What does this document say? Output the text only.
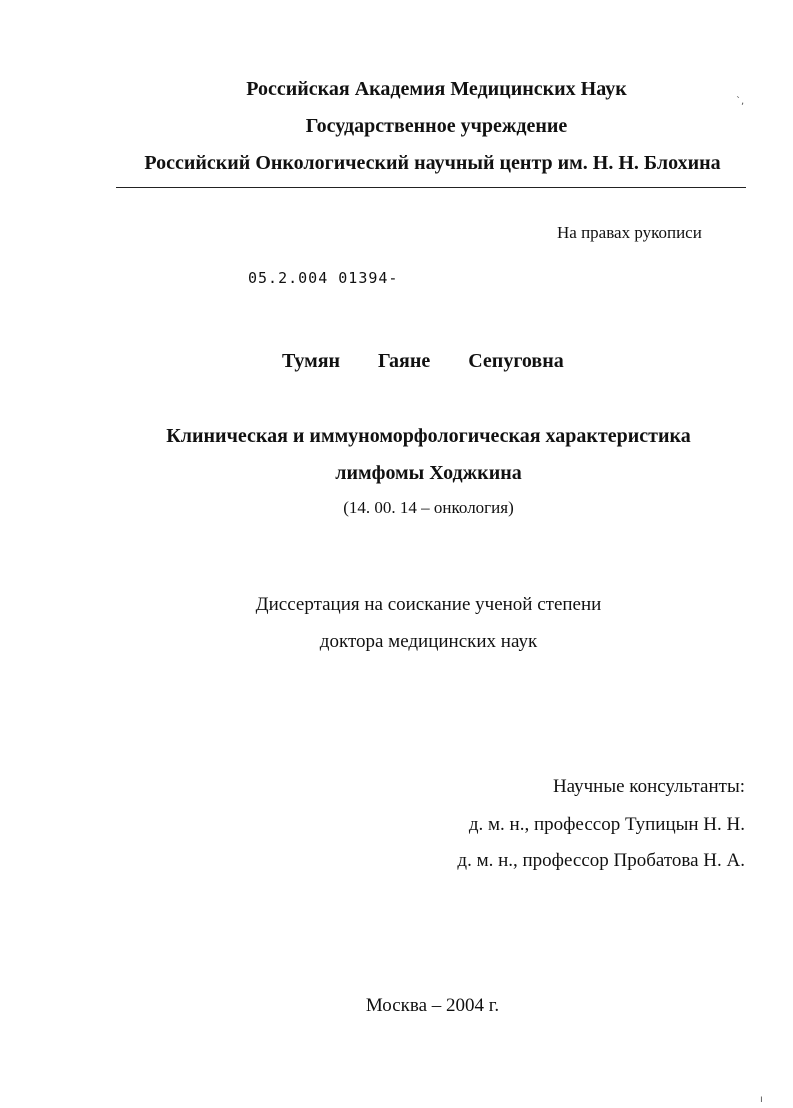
Российская Академия Медицинских Наук
Государственное учреждение
Российский Онкологический научный центр им. Н. Н. Блохина
На правах рукописи
05.2.004 01394-
Тумян Гаяне Сепуговна
Клиническая и иммуноморфологическая характеристика
лимфомы Ходжкина
(14. 00. 14 – онкология)
Диссертация на соискание ученой степени
доктора медицинских наук
Научные консультанты:
д. м. н., профессор Тупицын Н. Н.
д. м. н., профессор Пробатова Н. А.
Москва – 2004 г.
`,
ı
